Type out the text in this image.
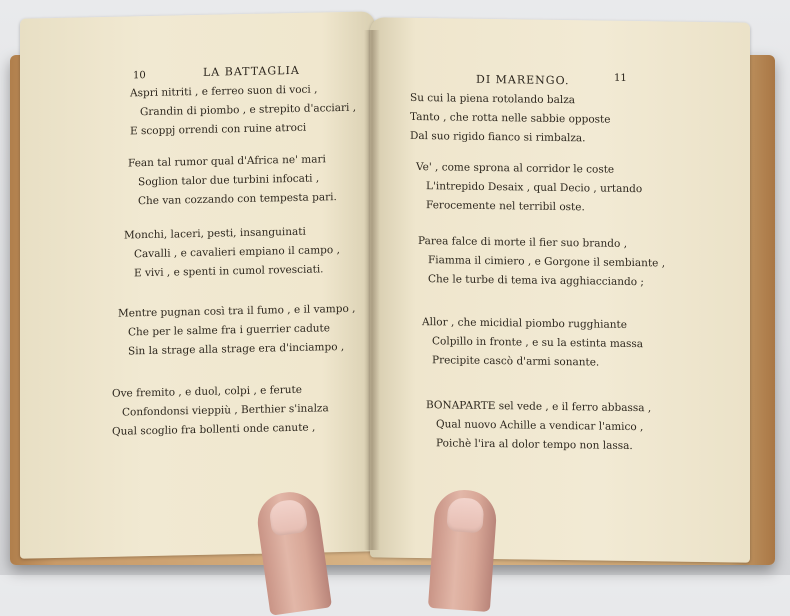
10	LA BATTAGLIA
Aspri nitriti , e ferreo suon di voci ,
Grandin di piombo , e strepito d'acciari ,
E scoppj orrendi con ruine atroci
Fean tal rumor qual d'Africa ne' mari
Soglion talor due turbini infocati ,
Che van cozzando con tempesta pari.
Monchi, laceri, pesti, insanguinati
Cavalli , e cavalieri empiano il campo ,
E vivi , e spenti in cumol rovesciati.
Mentre pugnan così tra il fumo , e il vampo ,
Che per le salme fra i guerrier cadute
Sin la strage alla strage era d'inciampo ,
Ove fremito , e duol, colpi , e ferute
Confondonsi vieppiù , Berthier s'inalza
Qual scoglio fra bollenti onde canute ,
DI MARENGO.	11
Su cui la piena rotolando balza
Tanto , che rotta nelle sabbie opposte
Dal suo rigido fianco si rimbalza.
Ve' , come sprona al corridor le coste
L'intrepido Desaix , qual Decio , urtando
Ferocemente nel terribil oste.
Parea falce di morte il fier suo brando ,
Fiamma il cimiero , e Gorgone il sembiante ,
Che le turbe di tema iva agghiacciando ;
Allor , che micidial piombo rugghiante
Colpillo in fronte , e su la estinta massa
Precipite cascò d'armi sonante.
BONAPARTE sel vede , e il ferro abbassa ,
Qual nuovo Achille a vendicar l'amico ,
Poichè l'ira al dolor tempo non lassa.
